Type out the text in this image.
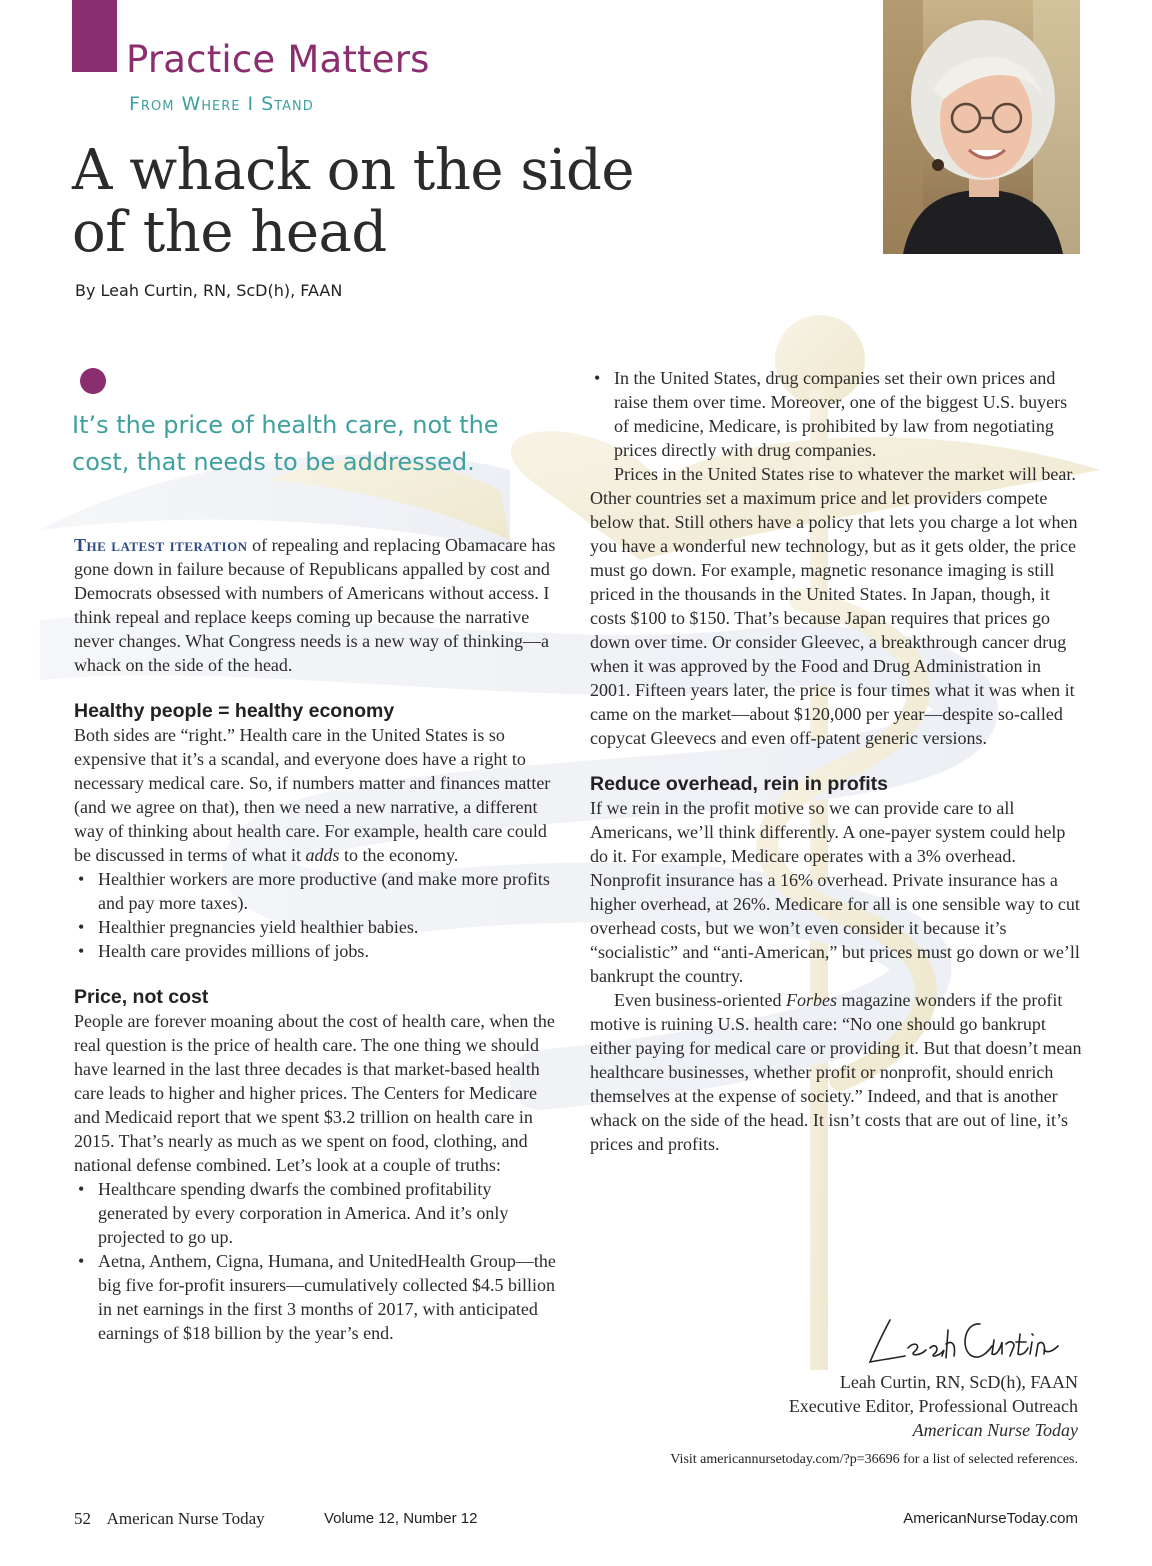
Practice Matters
From Where I Stand
A whack on the side
of the head
By Leah Curtin, RN, ScD(h), FAAN
It’s the price of health care, not the cost, that needs to be addressed.

The latest iteration of repealing and replacing Obamacare has gone down in failure because of Republicans appalled by cost and Democrats obsessed with numbers of Americans without access. I think repeal and replace keeps coming up because the narrative never changes. What Congress needs is a new way of thinking—a whack on the side of the head.

Healthy people = healthy economy

Both sides are “right.” Health care in the United States is so expensive that it’s a scandal, and everyone does have a right to necessary medical care. So, if numbers matter and finances matter (and we agree on that), then we need a new narrative, a different way of thinking about health care. For example, health care could be discussed in terms of what it adds to the economy.

• Healthier workers are more productive (and make more profits and pay more taxes).
• Healthier pregnancies yield healthier babies.
• Health care provides millions of jobs.
Price, not cost

People are forever moaning about the cost of health care, when the real question is the price of health care. The one thing we should have learned in the last three decades is that market-based health care leads to higher and higher prices. The Centers for Medicare and Medicaid report that we spent $3.2 trillion on health care in 2015. That’s nearly as much as we spent on food, clothing, and national defense combined. Let’s look at a couple of truths:

• Healthcare spending dwarfs the combined profitability generated by every corporation in America. And it’s only projected to go up.
• Aetna, Anthem, Cigna, Humana, and UnitedHealth Group—the big five for-profit insurers—cumulatively collected $4.5 billion in net earnings in the first 3 months of 2017, with anticipated earnings of $18 billion by the year’s end.
• In the United States, drug companies set their own prices and raise them over time. Moreover, one of the biggest U.S. buyers of medicine, Medicare, is prohibited by law from negotiating prices directly with drug companies.

Prices in the United States rise to whatever the market will bear. Other countries set a maximum price and let providers compete below that. Still others have a policy that lets you charge a lot when you have a wonderful new technology, but as it gets older, the price must go down. For example, magnetic resonance imaging is still priced in the thousands in the United States. In Japan, though, it costs $100 to $150. That’s because Japan requires that prices go down over time. Or consider Gleevec, a breakthrough cancer drug when it was approved by the Food and Drug Administration in 2001. Fifteen years later, the price is four times what it was when it came on the market—about $120,000 per year—despite so-called copycat Gleevecs and even off-patent generic versions.

Reduce overhead, rein in profits

If we rein in the profit motive so we can provide care to all Americans, we’ll think differently. A one-payer system could help do it. For example, Medicare operates with a 3% overhead. Nonprofit insurance has a 16% overhead. Private insurance has a higher overhead, at 26%. Medicare for all is one sensible way to cut overhead costs, but we won’t even consider it because it’s “socialistic” and “anti-American,” but prices must go down or we’ll bankrupt the country.

Even business-oriented Forbes magazine wonders if the profit motive is ruining U.S. health care: “No one should go bankrupt either paying for medical care or providing it. But that doesn’t mean healthcare businesses, whether profit or nonprofit, should enrich themselves at the expense of society.” Indeed, and that is another whack on the side of the head. It isn’t costs that are out of line, it’s prices and profits.

Leah Curtin, RN, ScD(h), FAAN
Executive Editor, Professional Outreach
American Nurse Today
Visit americannursetoday.com/?p=36696 for a list of selected references.
52 American Nurse Today	Volume 12, Number 12	AmericanNurseToday.com
